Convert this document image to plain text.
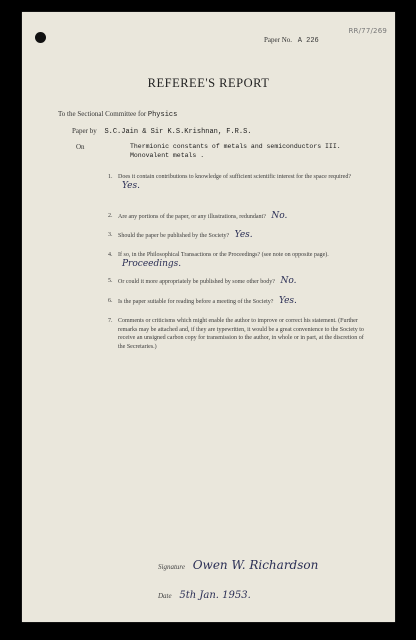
RR/77/269
Paper No. A 226
REFEREE'S REPORT
To the Sectional Committee for Physics
Paper by S.C.Jain & Sir K.S.Krishnan, F.R.S.
On	Thermionic constants of metals and semiconductors III.
Monovalent metals .
1. Does it contain contributions to knowledge of sufficient scientific interest for the space required? Yes.
2. Are any portions of the paper, or any illustrations, redundant? No.
3. Should the paper be published by the Society? Yes.
4. If so, in the Philosophical Transactions or the Proceedings? (see note on opposite page). Proceedings.
5. Or could it more appropriately be published by some other body? No.
6. Is the paper suitable for reading before a meeting of the Society? Yes.
7. Comments or criticisms which might enable the author to improve or correct his statement. (Further remarks may be attached and, if they are typewritten, it would be a great convenience to the Society to receive an unsigned carbon copy for transmission to the author, in whole or in part, at the discretion of the Secretaries.)
Signature Owen W. Richardson
Date 5th Jan. 1953.
